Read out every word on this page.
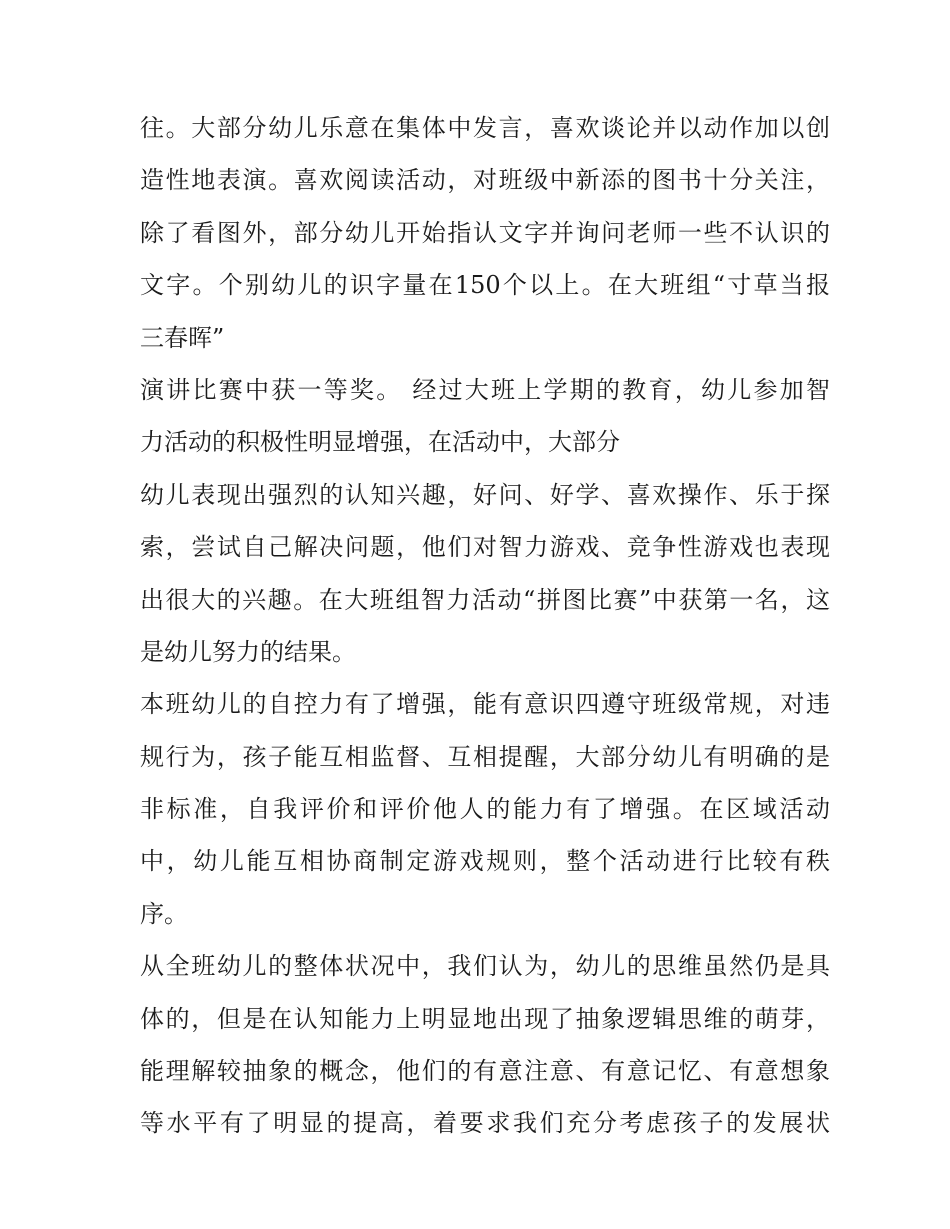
往。大部分幼儿乐意在集体中发言，喜欢谈论并以动作加以创
造性地表演。喜欢阅读活动，对班级中新添的图书十分关注，
除了看图外，部分幼儿开始指认文字并询问老师一些不认识的
文字。个别幼儿的识字量在150个以上。在大班组“寸草当报
三春晖”
演讲比赛中获一等奖。 经过大班上学期的教育，幼儿参加智
力活动的积极性明显增强，在活动中，大部分
幼儿表现出强烈的认知兴趣，好问、好学、喜欢操作、乐于探
索，尝试自己解决问题，他们对智力游戏、竞争性游戏也表现
出很大的兴趣。在大班组智力活动“拼图比赛”中获第一名，这
是幼儿努力的结果。
本班幼儿的自控力有了增强，能有意识四遵守班级常规，对违
规行为，孩子能互相监督、互相提醒，大部分幼儿有明确的是
非标准，自我评价和评价他人的能力有了增强。在区域活动
中，幼儿能互相协商制定游戏规则，整个活动进行比较有秩
序。
从全班幼儿的整体状况中，我们认为，幼儿的思维虽然仍是具
体的，但是在认知能力上明显地出现了抽象逻辑思维的萌芽，
能理解较抽象的概念，他们的有意注意、有意记忆、有意想象
等水平有了明显的提高，着要求我们充分考虑孩子的发展状
